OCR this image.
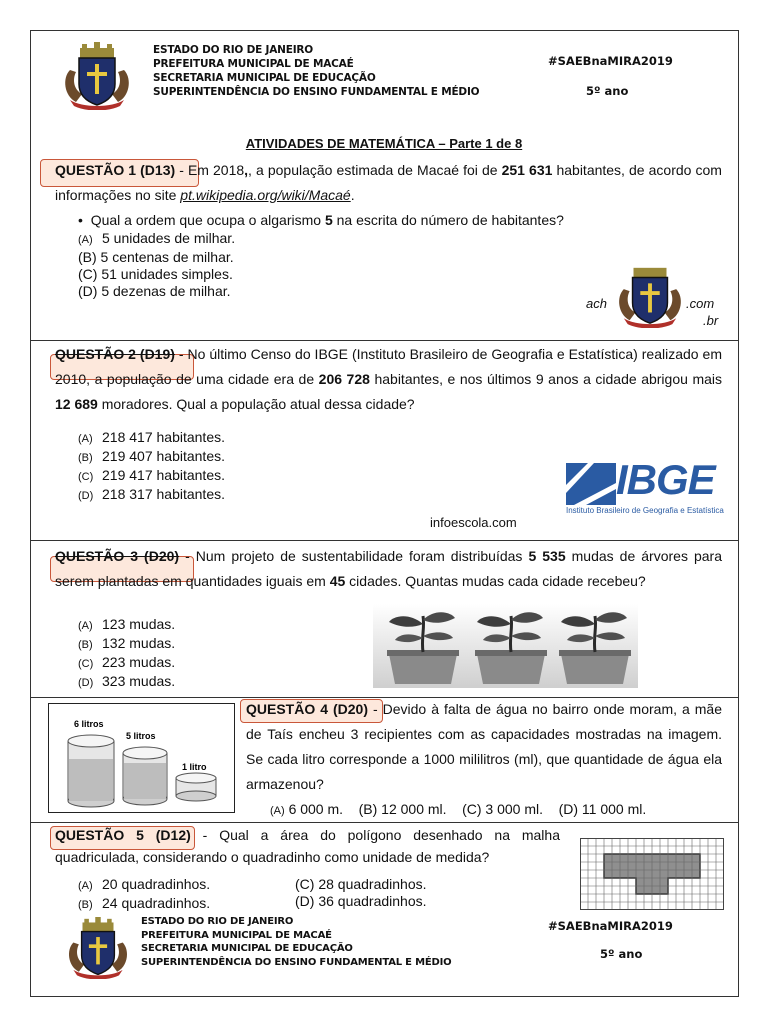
ESTADO DO RIO DE JANEIRO
PREFEITURA MUNICIPAL DE MACAÉ
SECRETARIA MUNICIPAL DE EDUCAÇÃO
SUPERINTENDÊNCIA DO ENSINO FUNDAMENTAL E MÉDIO
#SAEBnaMIRA2019
5º ano
ATIVIDADES DE MATEMÁTICA – Parte 1 de 8
QUESTÃO 1 (D13) - Em 2018,, a população estimada de Macaé foi de 251 631 habitantes, de acordo com informações no site pt.wikipedia.org/wiki/Macaé.
•  Qual a ordem que ocupa o algarismo 5 na escrita do número de habitantes?
(A) 5 unidades de milhar.
(B) 5 centenas de milhar.
(C) 51 unidades simples.
(D) 5 dezenas de milhar.
ach	.com
.br
QUESTÃO 2 (D19) - No último Censo do IBGE (Instituto Brasileiro de Geografia e Estatística) realizado em 2010, a população de uma cidade era de 206 728 habitantes, e nos últimos 9 anos a cidade abrigou mais 12 689 moradores. Qual a população atual dessa cidade?
(A) 218 417 habitantes.
(B) 219 407 habitantes.
(C) 219 417 habitantes.
(D) 218 317 habitantes.	IBGE
Instituto Brasileiro de Geografia e Estatística
infoescola.com
QUESTÃO 3 (D20) - Num projeto de sustentabilidade foram distribuídas 5 535 mudas de árvores para serem plantadas em quantidades iguais em 45 cidades. Quantas mudas cada cidade recebeu?
(A) 123 mudas.
(B) 132 mudas.
(C) 223 mudas.
(D) 323 mudas.
6 litros
5 litros
1 litro
QUESTÃO 4 (D20) - Devido à falta de água no bairro onde moram, a mãe de Taís encheu 3 recipientes com as capacidades mostradas na imagem. Se cada litro corresponde a 1000 mililitros (ml), que quantidade de água ela armazenou?
(A) 6 000 m. (B) 12 000 ml. (C) 3 000 ml. (D) 11 000 ml.
QUESTÃO 5 (D12) - Qual a área do polígono desenhado na malha quadriculada, considerando o quadradinho como unidade de medida?
(A) 20 quadradinhos.
(B) 24 quadradinhos.
(C) 28 quadradinhos.
(D) 36 quadradinhos.
ESTADO DO RIO DE JANEIRO
PREFEITURA MUNICIPAL DE MACAÉ
SECRETARIA MUNICIPAL DE EDUCAÇÃO
SUPERINTENDÊNCIA DO ENSINO FUNDAMENTAL E MÉDIO
#SAEBnaMIRA2019
5º ano
